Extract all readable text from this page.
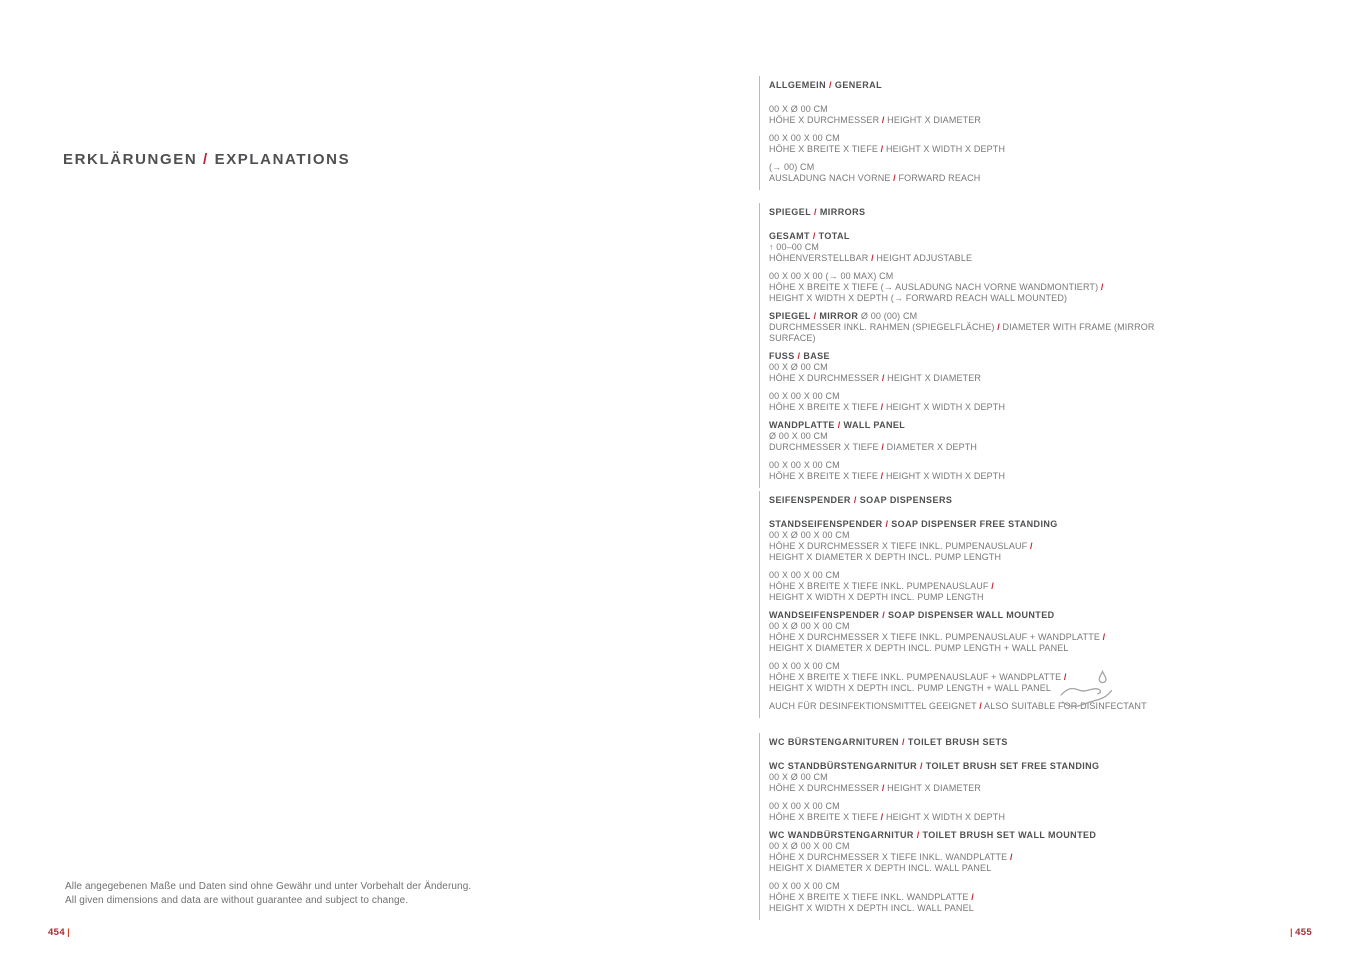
ERKLÄRUNGEN / EXPLANATIONS
ALLGEMEIN / GENERAL

00 X Ø 00 CM

HÖHE X DURCHMESSER / HEIGHT X DIAMETER

00 X 00 X 00 CM

HÖHE X BREITE X TIEFE / HEIGHT X WIDTH X DEPTH

(→ 00) CM

AUSLADUNG NACH VORNE / FORWARD REACH

SPIEGEL / MIRRORS

GESAMT / TOTAL

↑ 00–00 CM

HÖHENVERSTELLBAR / HEIGHT ADJUSTABLE

00 X 00 X 00 (→ 00 MAX) CM

HÖHE X BREITE X TIEFE (→ AUSLADUNG NACH VORNE WANDMONTIERT) /

HEIGHT X WIDTH X DEPTH (→ FORWARD REACH WALL MOUNTED)

SPIEGEL / MIRROR Ø 00 (00) CM

DURCHMESSER INKL. RAHMEN (SPIEGELFLÄCHE) / DIAMETER WITH FRAME (MIRROR SURFACE)

FUSS / BASE

00 X Ø 00 CM

HÖHE X DURCHMESSER / HEIGHT X DIAMETER

00 X 00 X 00 CM

HÖHE X BREITE X TIEFE / HEIGHT X WIDTH X DEPTH

WANDPLATTE / WALL PANEL

Ø 00 X 00 CM

DURCHMESSER X TIEFE / DIAMETER X DEPTH

00 X 00 X 00 CM

HÖHE X BREITE X TIEFE / HEIGHT X WIDTH X DEPTH

SEIFENSPENDER / SOAP DISPENSERS

STANDSEIFENSPENDER / SOAP DISPENSER FREE STANDING

00 X Ø 00 X 00 CM

HÖHE X DURCHMESSER X TIEFE INKL. PUMPENAUSLAUF /

HEIGHT X DIAMETER X DEPTH INCL. PUMP LENGTH

00 X 00 X 00 CM

HÖHE X BREITE X TIEFE INKL. PUMPENAUSLAUF /

HEIGHT X WIDTH X DEPTH INCL. PUMP LENGTH

WANDSEIFENSPENDER / SOAP DISPENSER WALL MOUNTED

00 X Ø 00 X 00 CM

HÖHE X DURCHMESSER X TIEFE INKL. PUMPENAUSLAUF + WANDPLATTE /

HEIGHT X DIAMETER X DEPTH INCL. PUMP LENGTH + WALL PANEL

00 X 00 X 00 CM

HÖHE X BREITE X TIEFE INKL. PUMPENAUSLAUF + WANDPLATTE /

HEIGHT X WIDTH X DEPTH INCL. PUMP LENGTH + WALL PANEL

AUCH FÜR DESINFEKTIONSMITTEL GEEIGNET / ALSO SUITABLE FOR DISINFECTANT

WC BÜRSTENGARNITUREN / TOILET BRUSH SETS

WC STANDBÜRSTENGARNITUR / TOILET BRUSH SET FREE STANDING

00 X Ø 00 CM

HÖHE X DURCHMESSER / HEIGHT X DIAMETER

00 X 00 X 00 CM

HÖHE X BREITE X TIEFE / HEIGHT X WIDTH X DEPTH

WC WANDBÜRSTENGARNITUR / TOILET BRUSH SET WALL MOUNTED

00 X Ø 00 X 00 CM

HÖHE X DURCHMESSER X TIEFE INKL. WANDPLATTE /

HEIGHT X DIAMETER X DEPTH INCL. WALL PANEL

00 X 00 X 00 CM

HÖHE X BREITE X TIEFE INKL. WANDPLATTE /

HEIGHT X WIDTH X DEPTH INCL. WALL PANEL

Alle angegebenen Maße und Daten sind ohne Gewähr und unter Vorbehalt der Änderung.

All given dimensions and data are without guarantee and subject to change.

454 |	| 455
